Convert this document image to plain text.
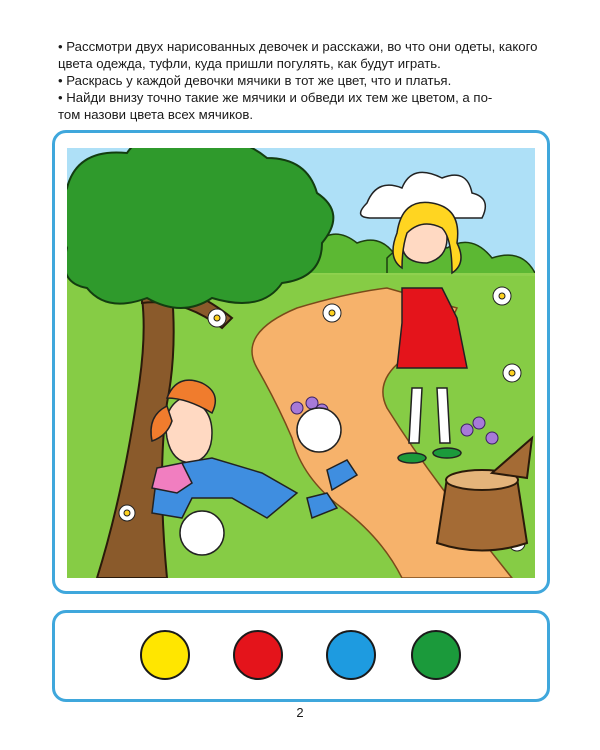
• Рассмотри двух нарисованных девочек и расскажи, во что они одеты, какого
цвета одежда, туфли, куда пришли погулять, как будут играть.
• Раскрась у каждой девочки мячики в тот же цвет, что и платья.
• Найди внизу точно такие же мячики и обведи их тем же цветом, а по-
том назови цвета всех мячиков.
2
